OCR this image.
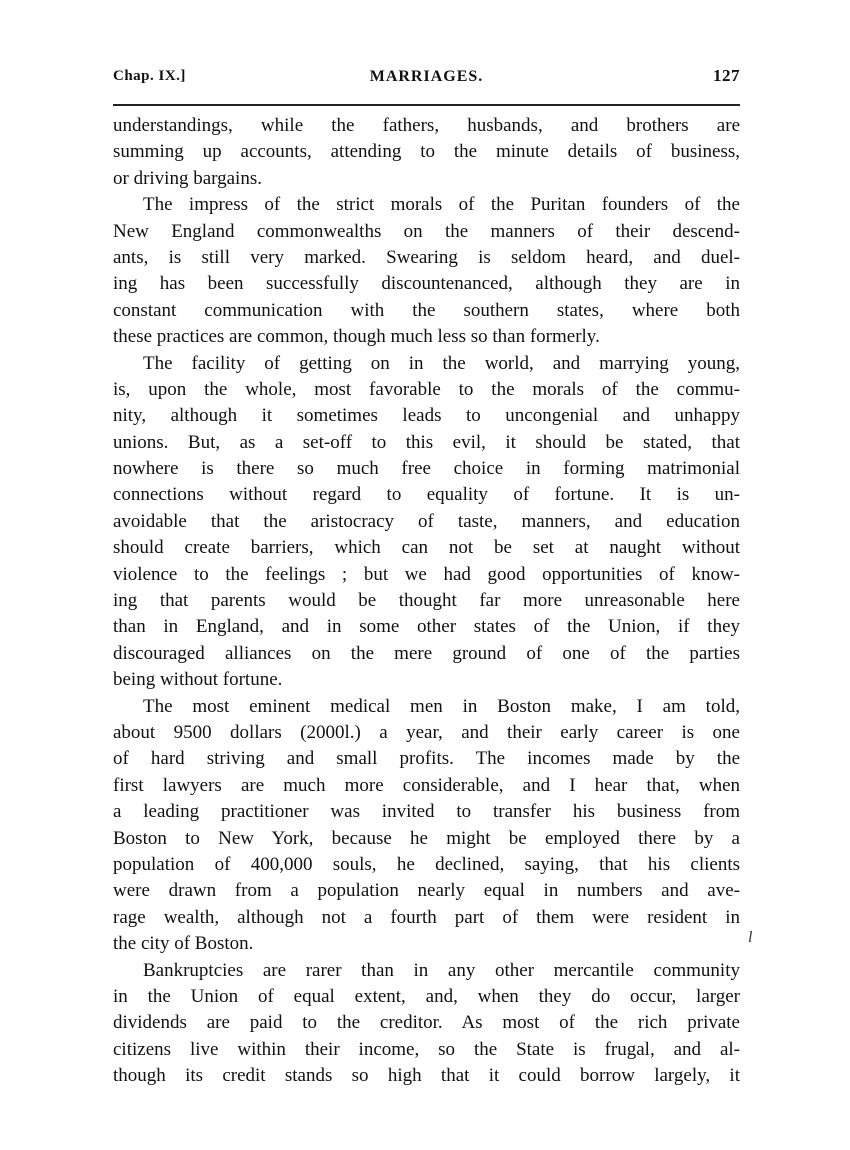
Chap. IX.]	MARRIAGES.	127
understandings, while the fathers, husbands, and brothers are
summing up accounts, attending to the minute details of business,
or driving bargains.
The impress of the strict morals of the Puritan founders of the
New England commonwealths on the manners of their descend-
ants, is still very marked. Swearing is seldom heard, and duel-
ing has been successfully discountenanced, although they are in
constant communication with the southern states, where both
these practices are common, though much less so than formerly.
The facility of getting on in the world, and marrying young,
is, upon the whole, most favorable to the morals of the commu-
nity, although it sometimes leads to uncongenial and unhappy
unions. But, as a set-off to this evil, it should be stated, that
nowhere is there so much free choice in forming matrimonial
connections without regard to equality of fortune. It is un-
avoidable that the aristocracy of taste, manners, and education
should create barriers, which can not be set at naught without
violence to the feelings ; but we had good opportunities of know-
ing that parents would be thought far more unreasonable here
than in England, and in some other states of the Union, if they
discouraged alliances on the mere ground of one of the parties
being without fortune.
The most eminent medical men in Boston make, I am told,
about 9500 dollars (2000l.) a year, and their early career is one
of hard striving and small profits. The incomes made by the
first lawyers are much more considerable, and I hear that, when
a leading practitioner was invited to transfer his business from
Boston to New York, because he might be employed there by a
population of 400,000 souls, he declined, saying, that his clients
were drawn from a population nearly equal in numbers and ave-
rage wealth, although not a fourth part of them were resident in
the city of Boston.
Bankruptcies are rarer than in any other mercantile community
in the Union of equal extent, and, when they do occur, larger
dividends are paid to the creditor. As most of the rich private
citizens live within their income, so the State is frugal, and al-
though its credit stands so high that it could borrow largely, it
l
